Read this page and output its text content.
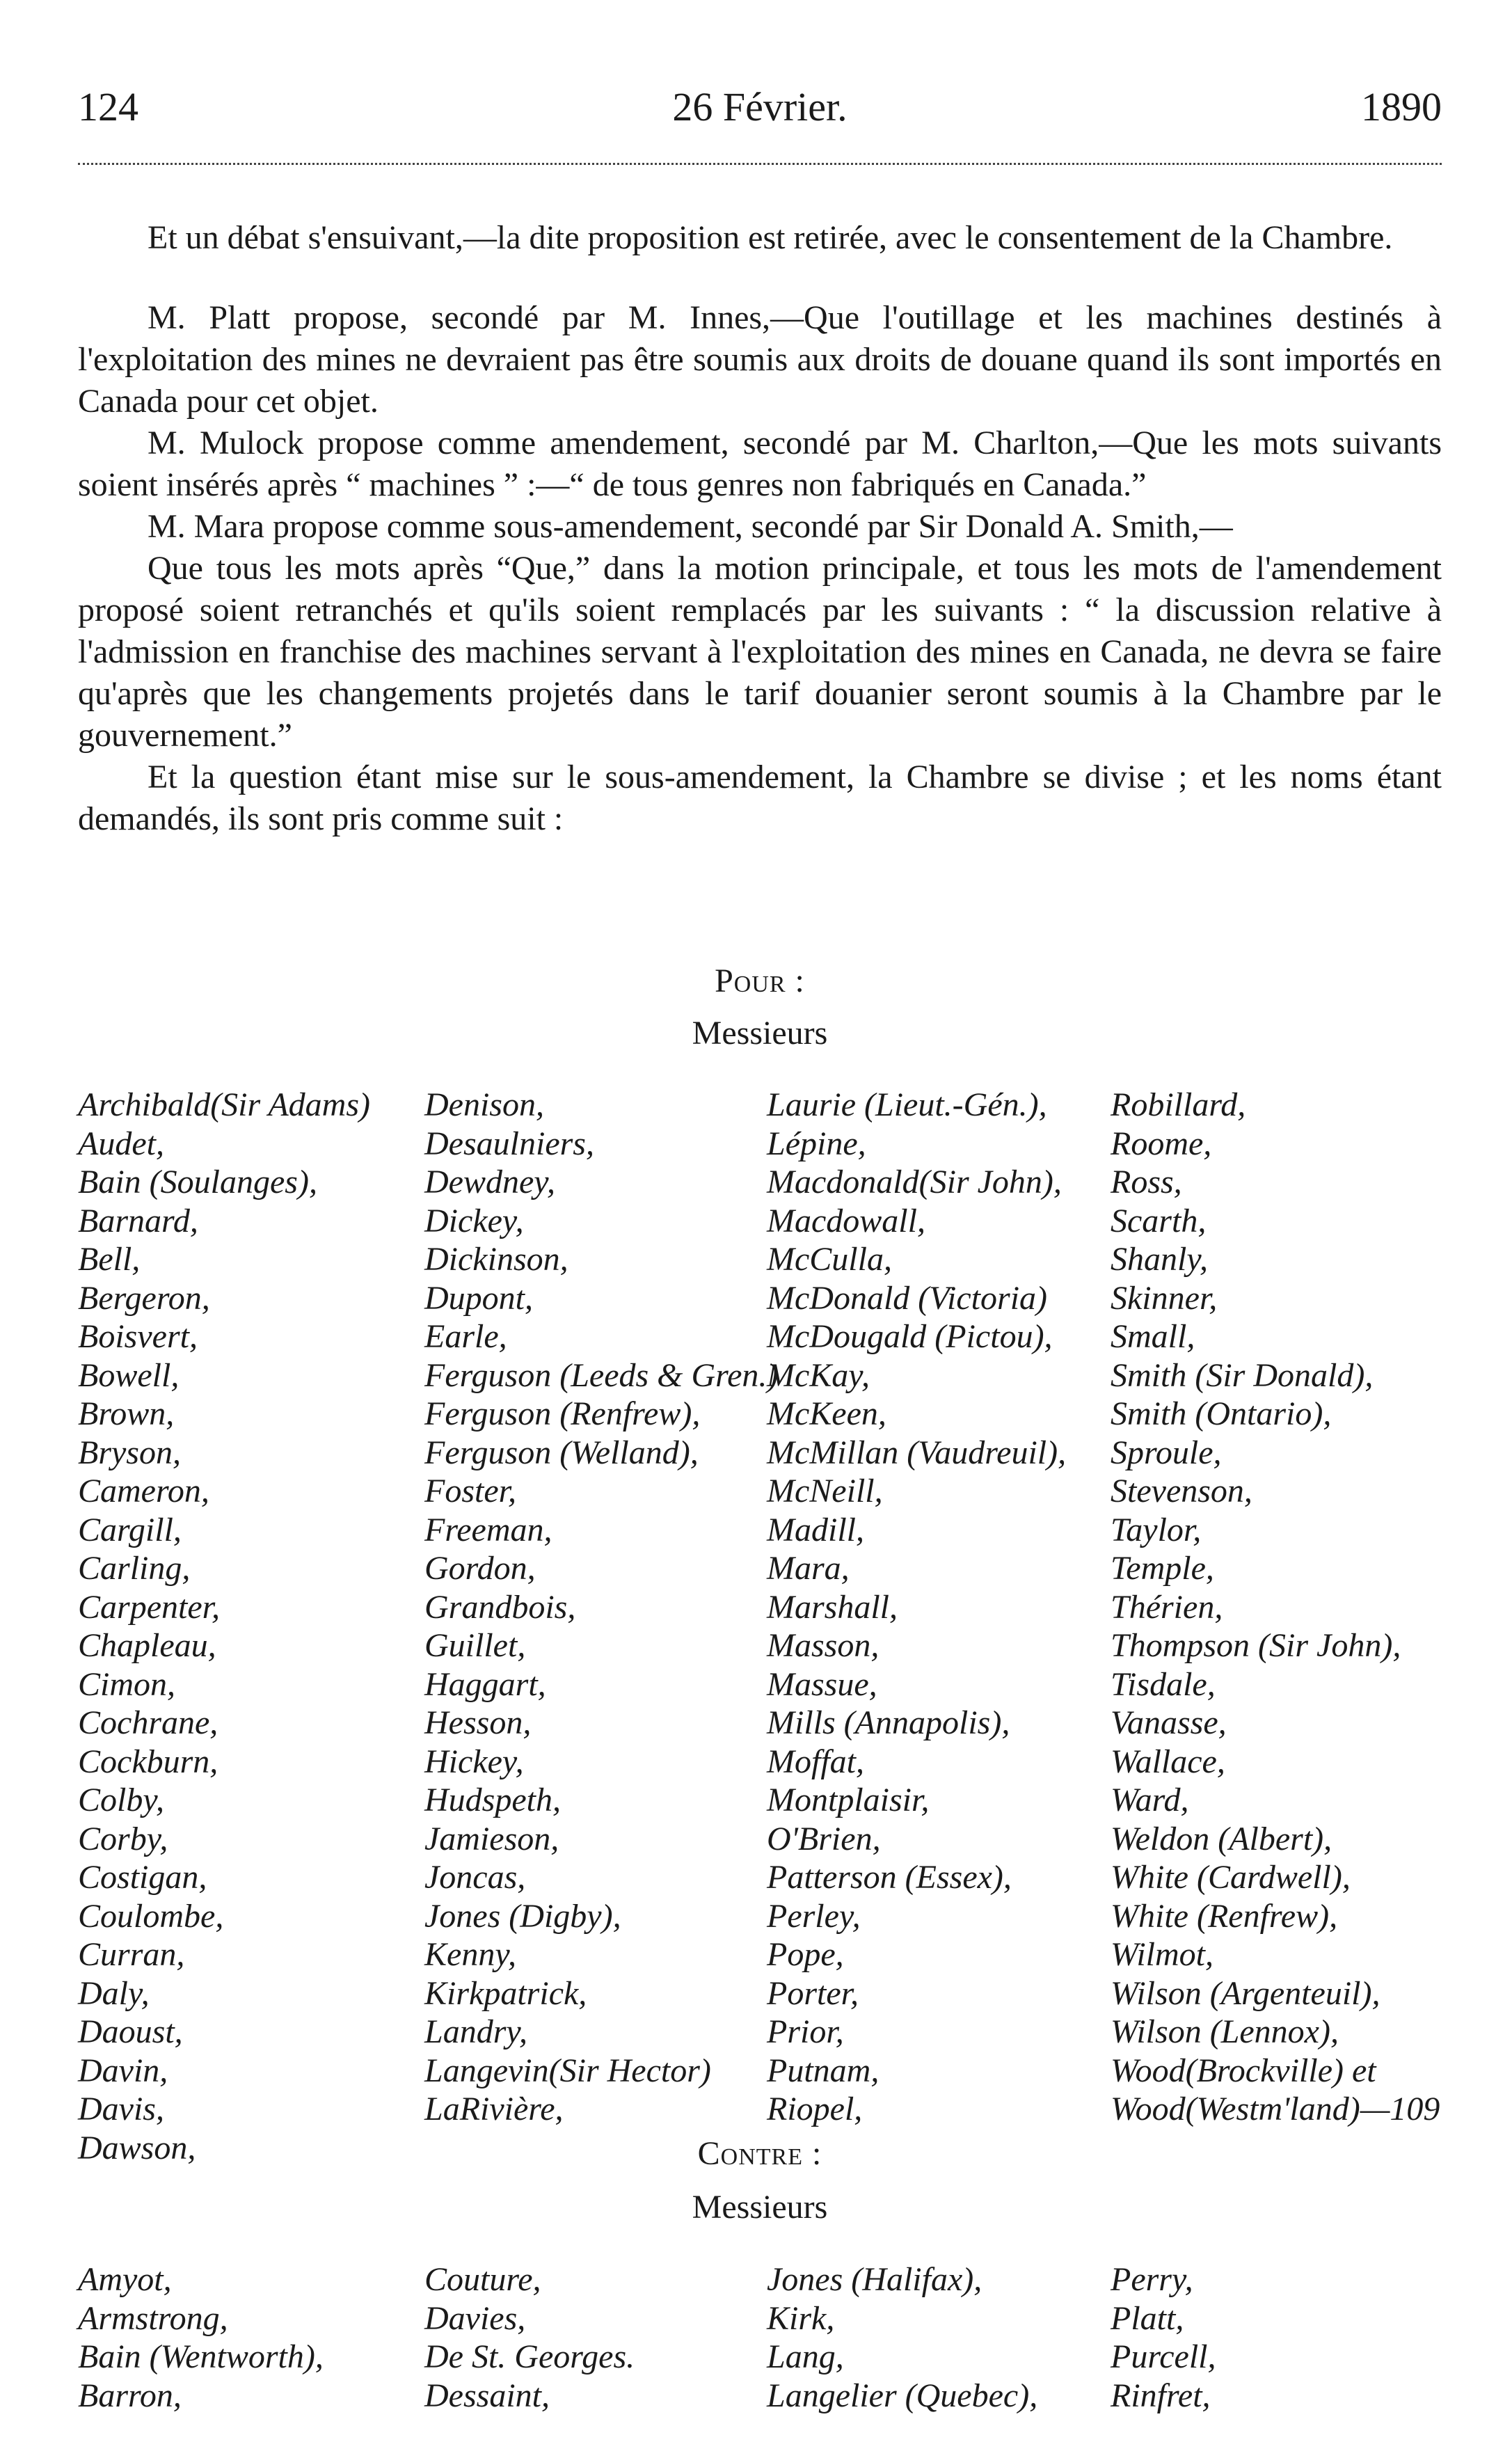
124	26 Février.	1890

Et un débat s'ensuivant,—la dite proposition est retirée, avec le consentement de la Chambre.

M. Platt propose, secondé par M. Innes,—Que l'outillage et les machines destinés à l'exploitation des mines ne devraient pas être soumis aux droits de douane quand ils sont importés en Canada pour cet objet.

M. Mulock propose comme amendement, secondé par M. Charlton,—Que les mots suivants soient insérés après “ machines ” :—“ de tous genres non fabriqués en Canada.”

M. Mara propose comme sous-amendement, secondé par Sir Donald A. Smith,—

Que tous les mots après “Que,” dans la motion principale, et tous les mots de l'amendement proposé soient retranchés et qu'ils soient remplacés par les suivants : “ la discussion relative à l'admission en franchise des machines servant à l'exploitation des mines en Canada, ne devra se faire qu'après que les changements projetés dans le tarif douanier seront soumis à la Chambre par le gouvernement.”

Et la question étant mise sur le sous-amendement, la Chambre se divise ; et les noms étant demandés, ils sont pris comme suit :

Pour :
Messieurs
Archibald(Sir Adams)
Audet,
Bain (Soulanges),
Barnard,
Bell,
Bergeron,
Boisvert,
Bowell,
Brown,
Bryson,
Cameron,
Cargill,
Carling,
Carpenter,
Chapleau,
Cimon,
Cochrane,
Cockburn,
Colby,
Corby,
Costigan,
Coulombe,
Curran,
Daly,
Daoust,
Davin,
Davis,
Dawson,
Denison,
Desaulniers,
Dewdney,
Dickey,
Dickinson,
Dupont,
Earle,
Ferguson (Leeds & Gren.)
Ferguson (Renfrew),
Ferguson (Welland),
Foster,
Freeman,
Gordon,
Grandbois,
Guillet,
Haggart,
Hesson,
Hickey,
Hudspeth,
Jamieson,
Joncas,
Jones (Digby),
Kenny,
Kirkpatrick,
Landry,
Langevin(Sir Hector)
LaRivière,
Laurie (Lieut.-Gén.),
Lépine,
Macdonald(Sir John),
Macdowall,
McCulla,
McDonald (Victoria)
McDougald (Pictou),
McKay,
McKeen,
McMillan (Vaudreuil),
McNeill,
Madill,
Mara,
Marshall,
Masson,
Massue,
Mills (Annapolis),
Moffat,
Montplaisir,
O'Brien,
Patterson (Essex),
Perley,
Pope,
Porter,
Prior,
Putnam,
Riopel,
Robillard,
Roome,
Ross,
Scarth,
Shanly,
Skinner,
Small,
Smith (Sir Donald),
Smith (Ontario),
Sproule,
Stevenson,
Taylor,
Temple,
Thérien,
Thompson (Sir John),
Tisdale,
Vanasse,
Wallace,
Ward,
Weldon (Albert),
White (Cardwell),
White (Renfrew),
Wilmot,
Wilson (Argenteuil),
Wilson (Lennox),
Wood(Brockville) et
Wood(Westm'land)—109
Contre :
Messieurs
Amyot,
Armstrong,
Bain (Wentworth),
Barron,
Couture,
Davies,
De St. Georges.
Dessaint,
Jones (Halifax),
Kirk,
Lang,
Langelier (Quebec),
Perry,
Platt,
Purcell,
Rinfret,
